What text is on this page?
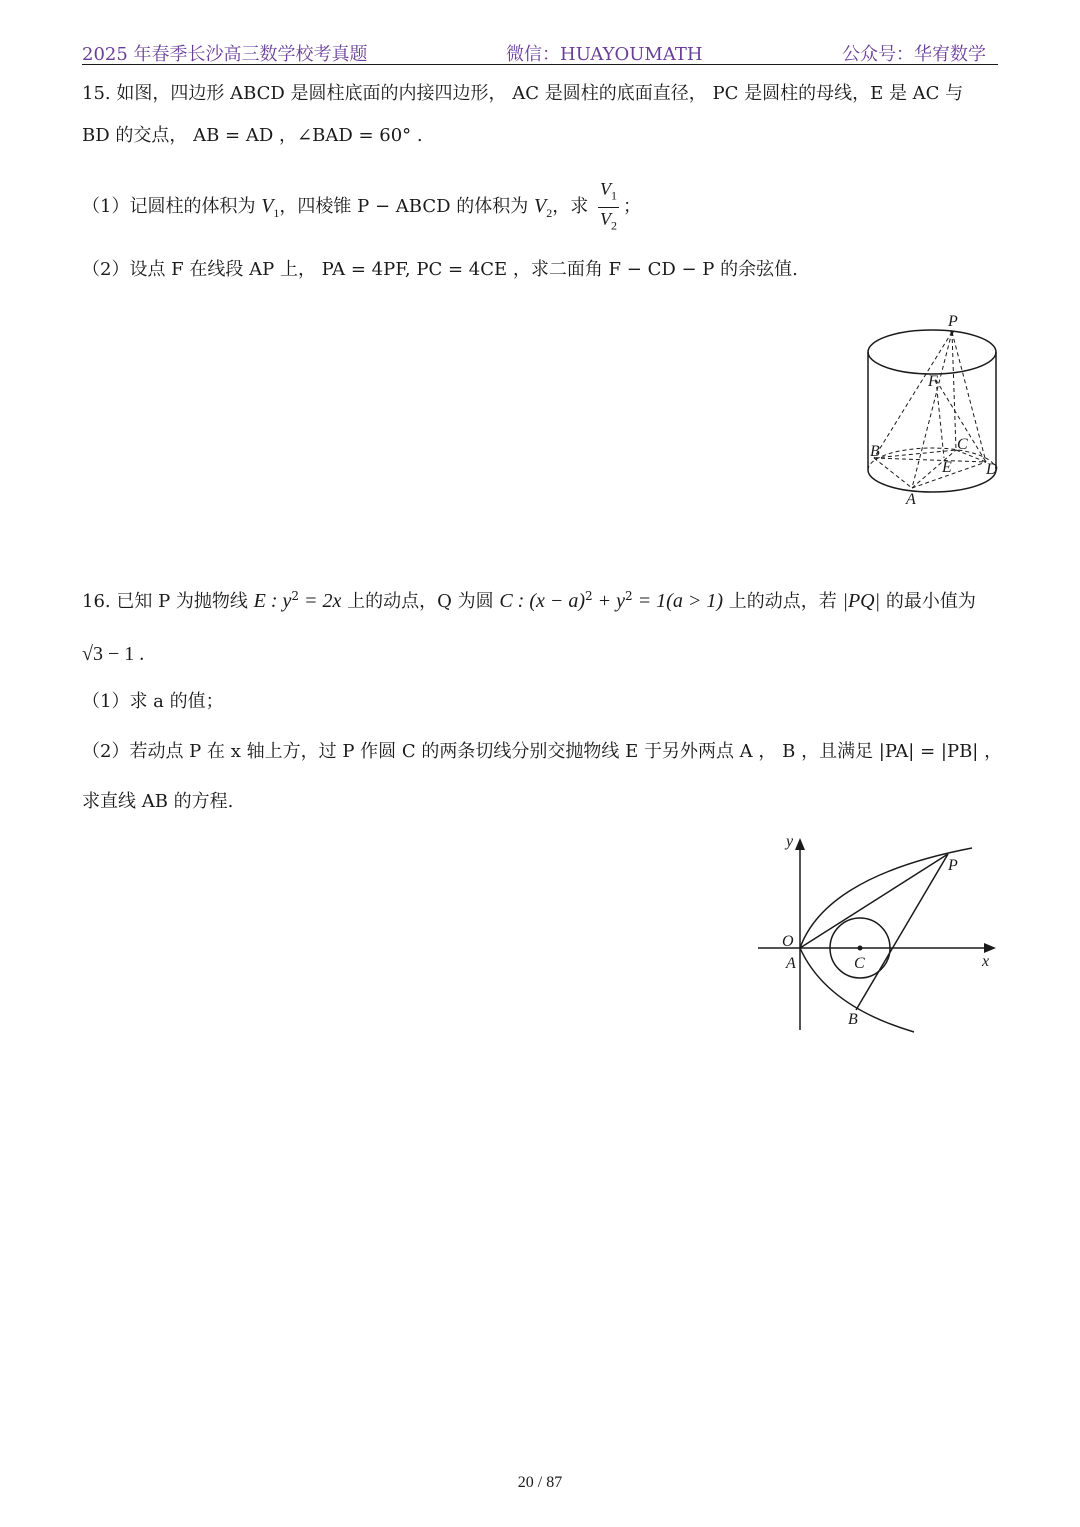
2025 年春季长沙高三数学校考真题	微信：HUAYOUMATH	公众号：华宥数学
15. 如图，四边形 ABCD 是圆柱底面的内接四边形， AC 是圆柱的底面直径， PC 是圆柱的母线，E 是 AC 与
BD 的交点， AB = AD ，∠BAD = 60° .
（1）记圆柱的体积为 $V_1$，四棱锥 P − ABCD 的体积为 $V_2$，求 $\frac{V_1}{V_2}$ ；
（2）设点 F 在线段 AP 上， PA = 4PF, PC = 4CE ，求二面角 F − CD − P 的余弦值.
P
F
B	C
E D
A
16. 已知 P 为抛物线 E : $y^2 = 2x$ 上的动点，Q 为圆 C : $(x - a)^2 + y^2 = 1(a > 1)$ 上的动点，若 |PQ| 的最小值为
√3 − 1 .
（1）求 a 的值；
（2）若动点 P 在 x 轴上方，过 P 作圆 C 的两条切线分别交抛物线 E 于另外两点 A ， B ，且满足 |PA| = |PB| ，
求直线 AB 的方程.
y
O
A	C	x
P
B
20 / 87
